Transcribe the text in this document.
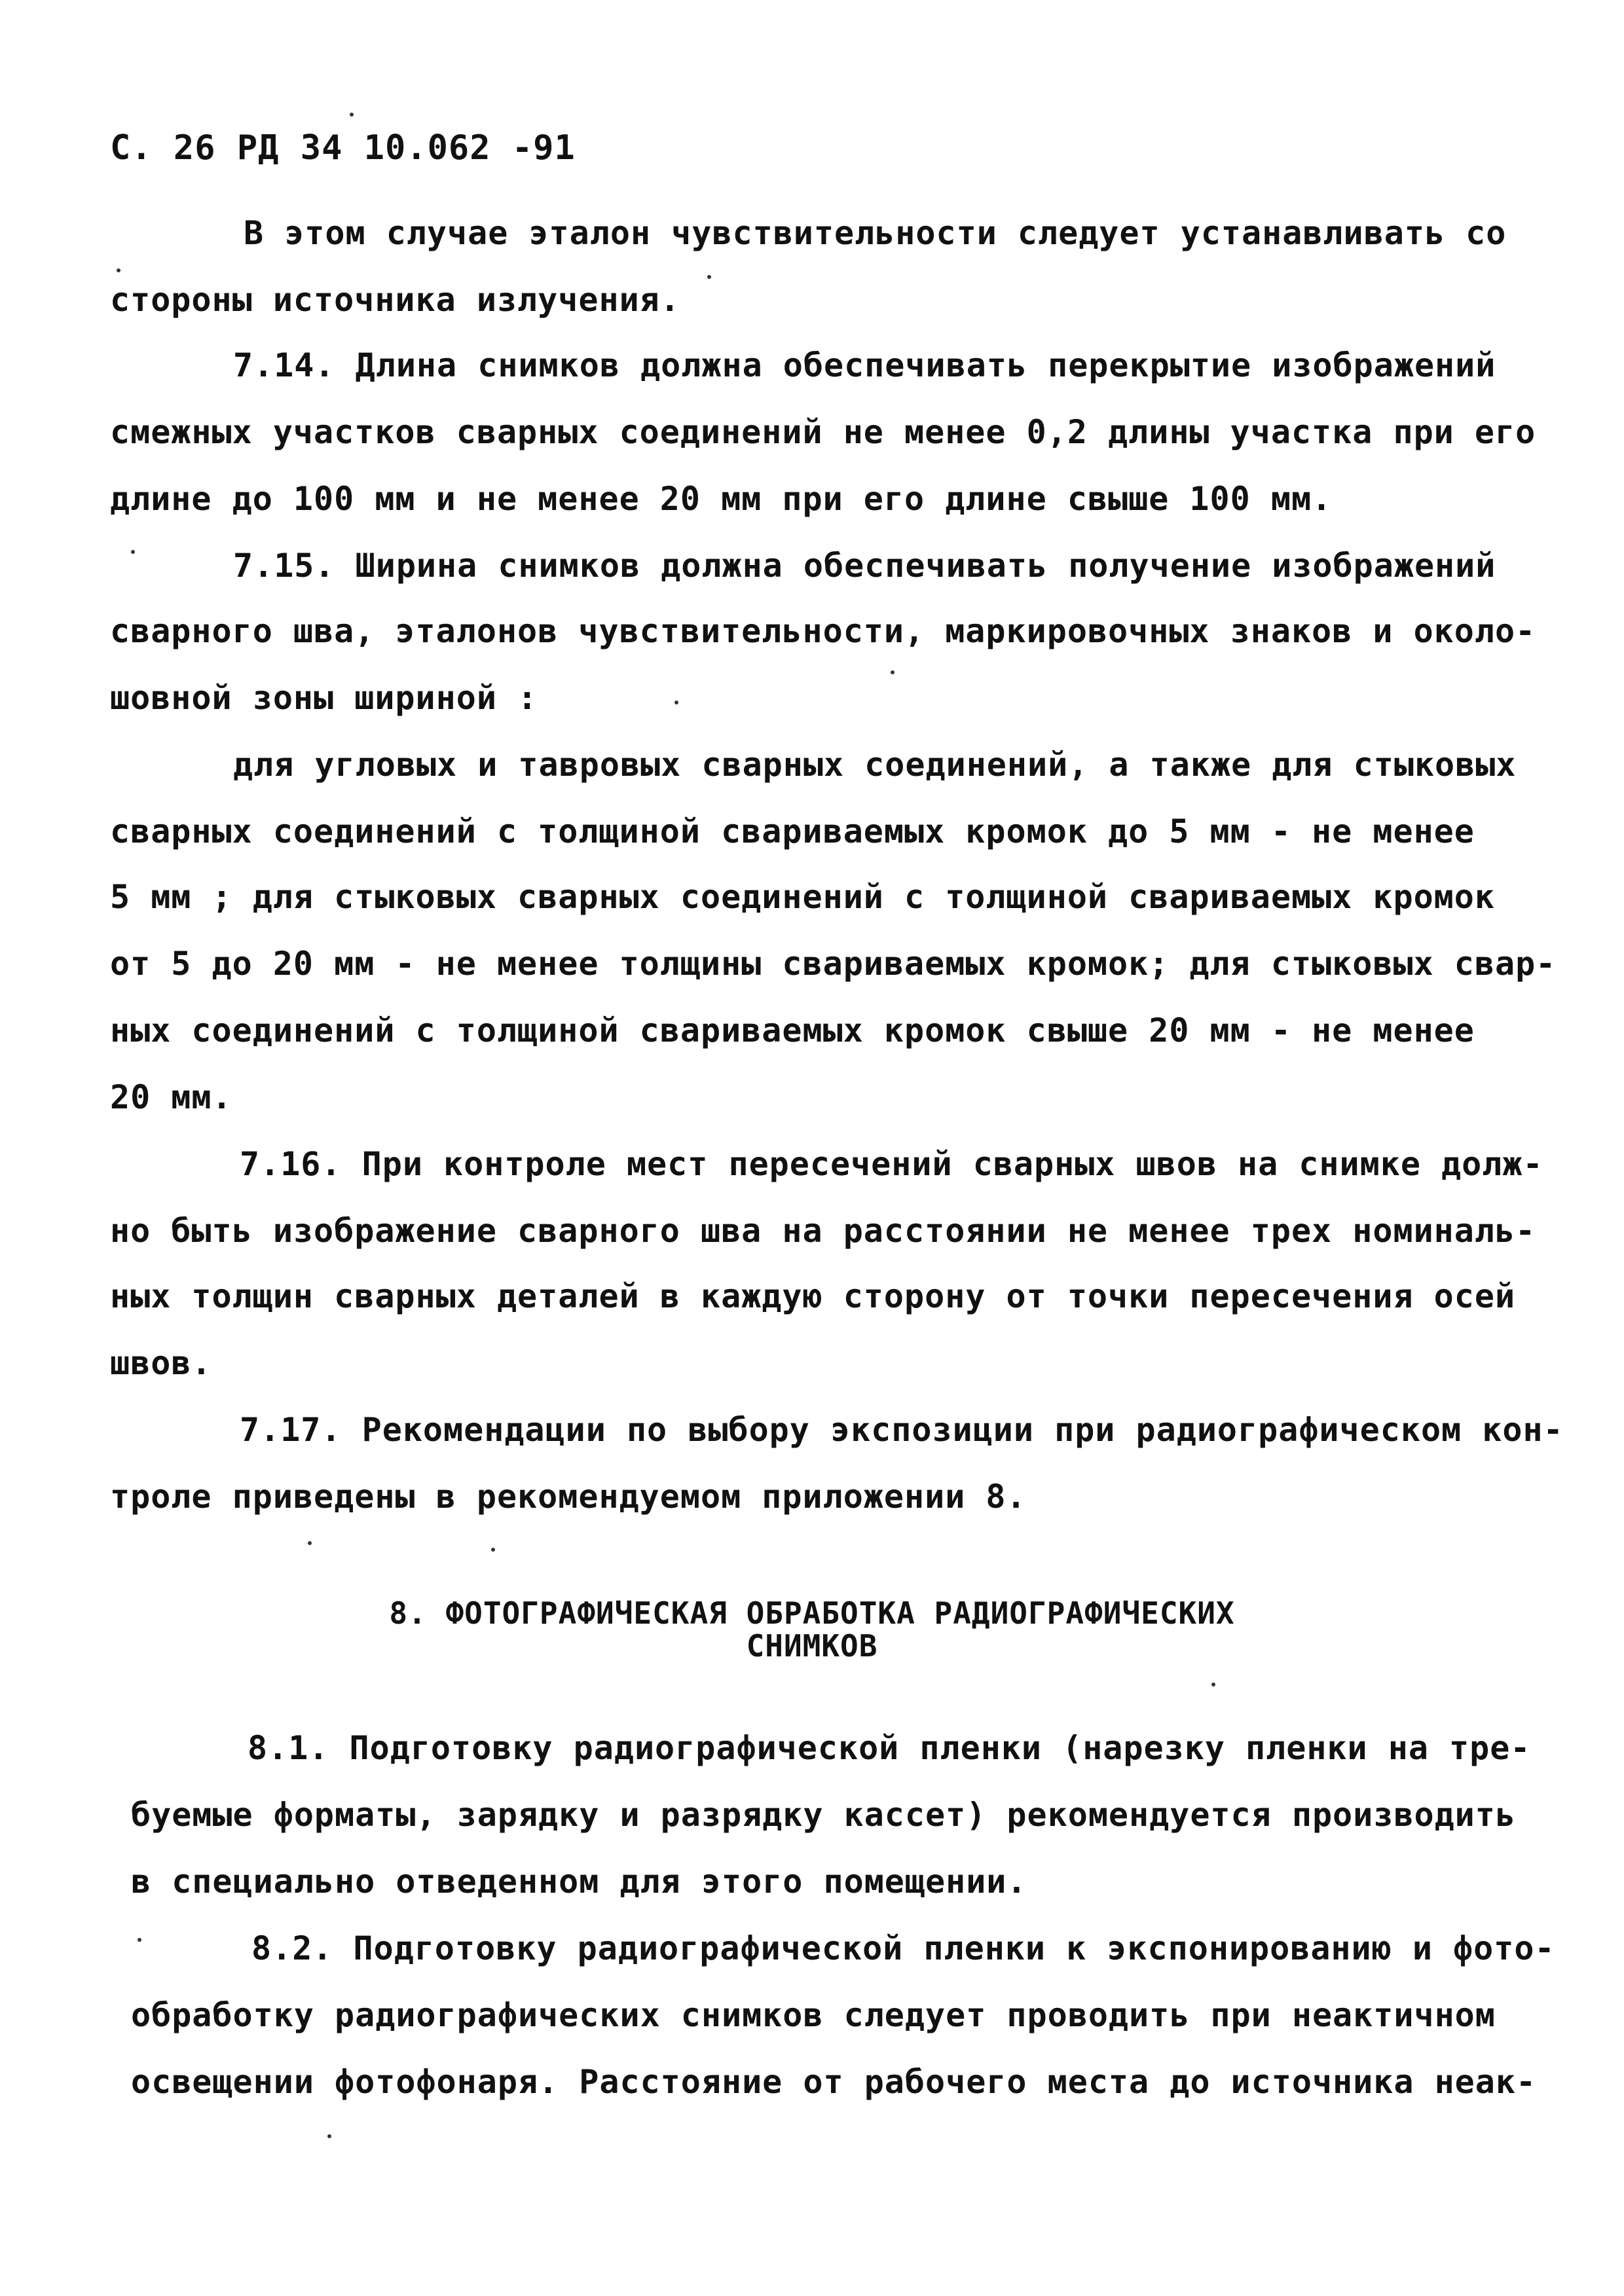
С. 26 РД 34 10.062 -91
В этом случае эталон чувствительности следует устанавливать со
стороны источника излучения.
7.14. Длина снимков должна обеспечивать перекрытие изображений
смежных участков сварных соединений не менее 0,2 длины участка при его
длине до 100 мм и не менее 20 мм при его длине свыше 100 мм.
7.15. Ширина снимков должна обеспечивать получение изображений
сварного шва, эталонов чувствительности, маркировочных знаков и около-
шовной зоны шириной :
для угловых и тавровых сварных соединений, а также для стыковых
сварных соединений с толщиной свариваемых кромок до 5 мм - не менее
5 мм ; для стыковых сварных соединений с толщиной свариваемых кромок
от 5 до 20 мм - не менее толщины свариваемых кромок; для стыковых свар-
ных соединений с толщиной свариваемых кромок свыше 20 мм - не менее
20 мм.
7.16. При контроле мест пересечений сварных швов на снимке долж-
но быть изображение сварного шва на расстоянии не менее трех номиналь-
ных толщин сварных деталей в каждую сторону от точки пересечения осей
швов.
7.17. Рекомендации по выбору экспозиции при радиографическом кон-
троле приведены в рекомендуемом приложении 8.
8. ФОТОГРАФИЧЕСКАЯ ОБРАБОТКА РАДИОГРАФИЧЕСКИХ
СНИМКОВ
8.1. Подготовку радиографической пленки (нарезку пленки на тре-
буемые форматы, зарядку и разрядку кассет) рекомендуется производить
в специально отведенном для этого помещении.
8.2. Подготовку радиографической пленки к экспонированию и фото-
обработку радиографических снимков следует проводить при неактичном
освещении фотофонаря. Расстояние от рабочего места до источника неак-
